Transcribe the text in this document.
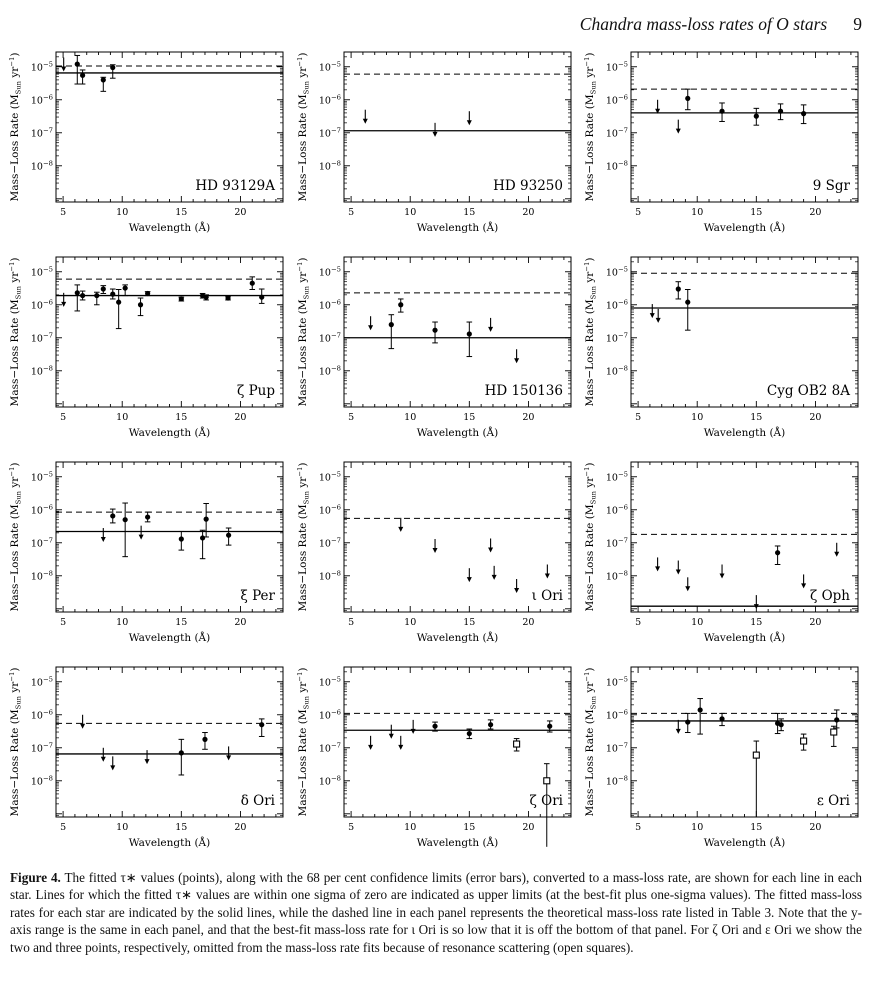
Chandra mass-loss rates of O stars 9
5	10	15	20
$10^{-8}$
$10^{-7}$
$10^{-6}$
$10^{-5}$
HD 93129A
Wavelength (Å)
Mass−Loss Rate ($M_{Sun}$ $yr^{-1}$)
5	10	15	20
$10^{-8}$
$10^{-7}$
$10^{-6}$
$10^{-5}$
HD 93250
Wavelength (Å)
Mass−Loss Rate ($M_{Sun}$ $yr^{-1}$)
5	10	15	20
$10^{-8}$
$10^{-7}$
$10^{-6}$
$10^{-5}$
9 Sgr
Wavelength (Å)
Mass−Loss Rate ($M_{Sun}$ $yr^{-1}$)
5	10	15	20
$10^{-8}$
$10^{-7}$
$10^{-6}$
$10^{-5}$
ζ Pup
Wavelength (Å)
Mass−Loss Rate ($M_{Sun}$ $yr^{-1}$)
5	10	15	20
$10^{-8}$
$10^{-7}$
$10^{-6}$
$10^{-5}$
HD 150136
Wavelength (Å)
Mass−Loss Rate ($M_{Sun}$ $yr^{-1}$)
5	10	15	20
$10^{-8}$
$10^{-7}$
$10^{-6}$
$10^{-5}$
Cyg OB2 8A
Wavelength (Å)
Mass−Loss Rate ($M_{Sun}$ $yr^{-1}$)
5	10	15	20
$10^{-8}$
$10^{-7}$
$10^{-6}$
$10^{-5}$
ξ Per
Wavelength (Å)
Mass−Loss Rate ($M_{Sun}$ $yr^{-1}$)
5	10	15	20
$10^{-8}$
$10^{-7}$
$10^{-6}$
$10^{-5}$
ι Ori
Wavelength (Å)
Mass−Loss Rate ($M_{Sun}$ $yr^{-1}$)
5	10	15	20
$10^{-8}$
$10^{-7}$
$10^{-6}$
$10^{-5}$
ζ Oph
Wavelength (Å)
Mass−Loss Rate ($M_{Sun}$ $yr^{-1}$)
5	10	15	20
$10^{-8}$
$10^{-7}$
$10^{-6}$
$10^{-5}$
δ Ori
Wavelength (Å)
Mass−Loss Rate ($M_{Sun}$ $yr^{-1}$)
5	10	15	20
$10^{-8}$
$10^{-7}$
$10^{-6}$
$10^{-5}$
ζ Ori
Wavelength (Å)
Mass−Loss Rate ($M_{Sun}$ $yr^{-1}$)
5	10	15	20
$10^{-8}$
$10^{-7}$
$10^{-6}$
$10^{-5}$
ε Ori
Wavelength (Å)
Mass−Loss Rate ($M_{Sun}$ $yr^{-1}$)

Figure 4. The fitted τ∗ values (points), along with the 68 per cent confidence limits (error bars), converted to a mass-loss rate, are shown for each line in each star. Lines for which the fitted τ∗ values are within one sigma of zero are indicated as upper limits (at the best-fit plus one-sigma values). The fitted mass-loss rates for each star are indicated by the solid lines, while the dashed line in each panel represents the theoretical mass-loss rate listed in Table 3. Note that the y-axis range is the same in each panel, and that the best-fit mass-loss rate for ι Ori is so low that it is off the bottom of that panel. For ζ Ori and ε Ori we show the two and three points, respectively, omitted from the mass-loss rate fits because of resonance scattering (open squares).
